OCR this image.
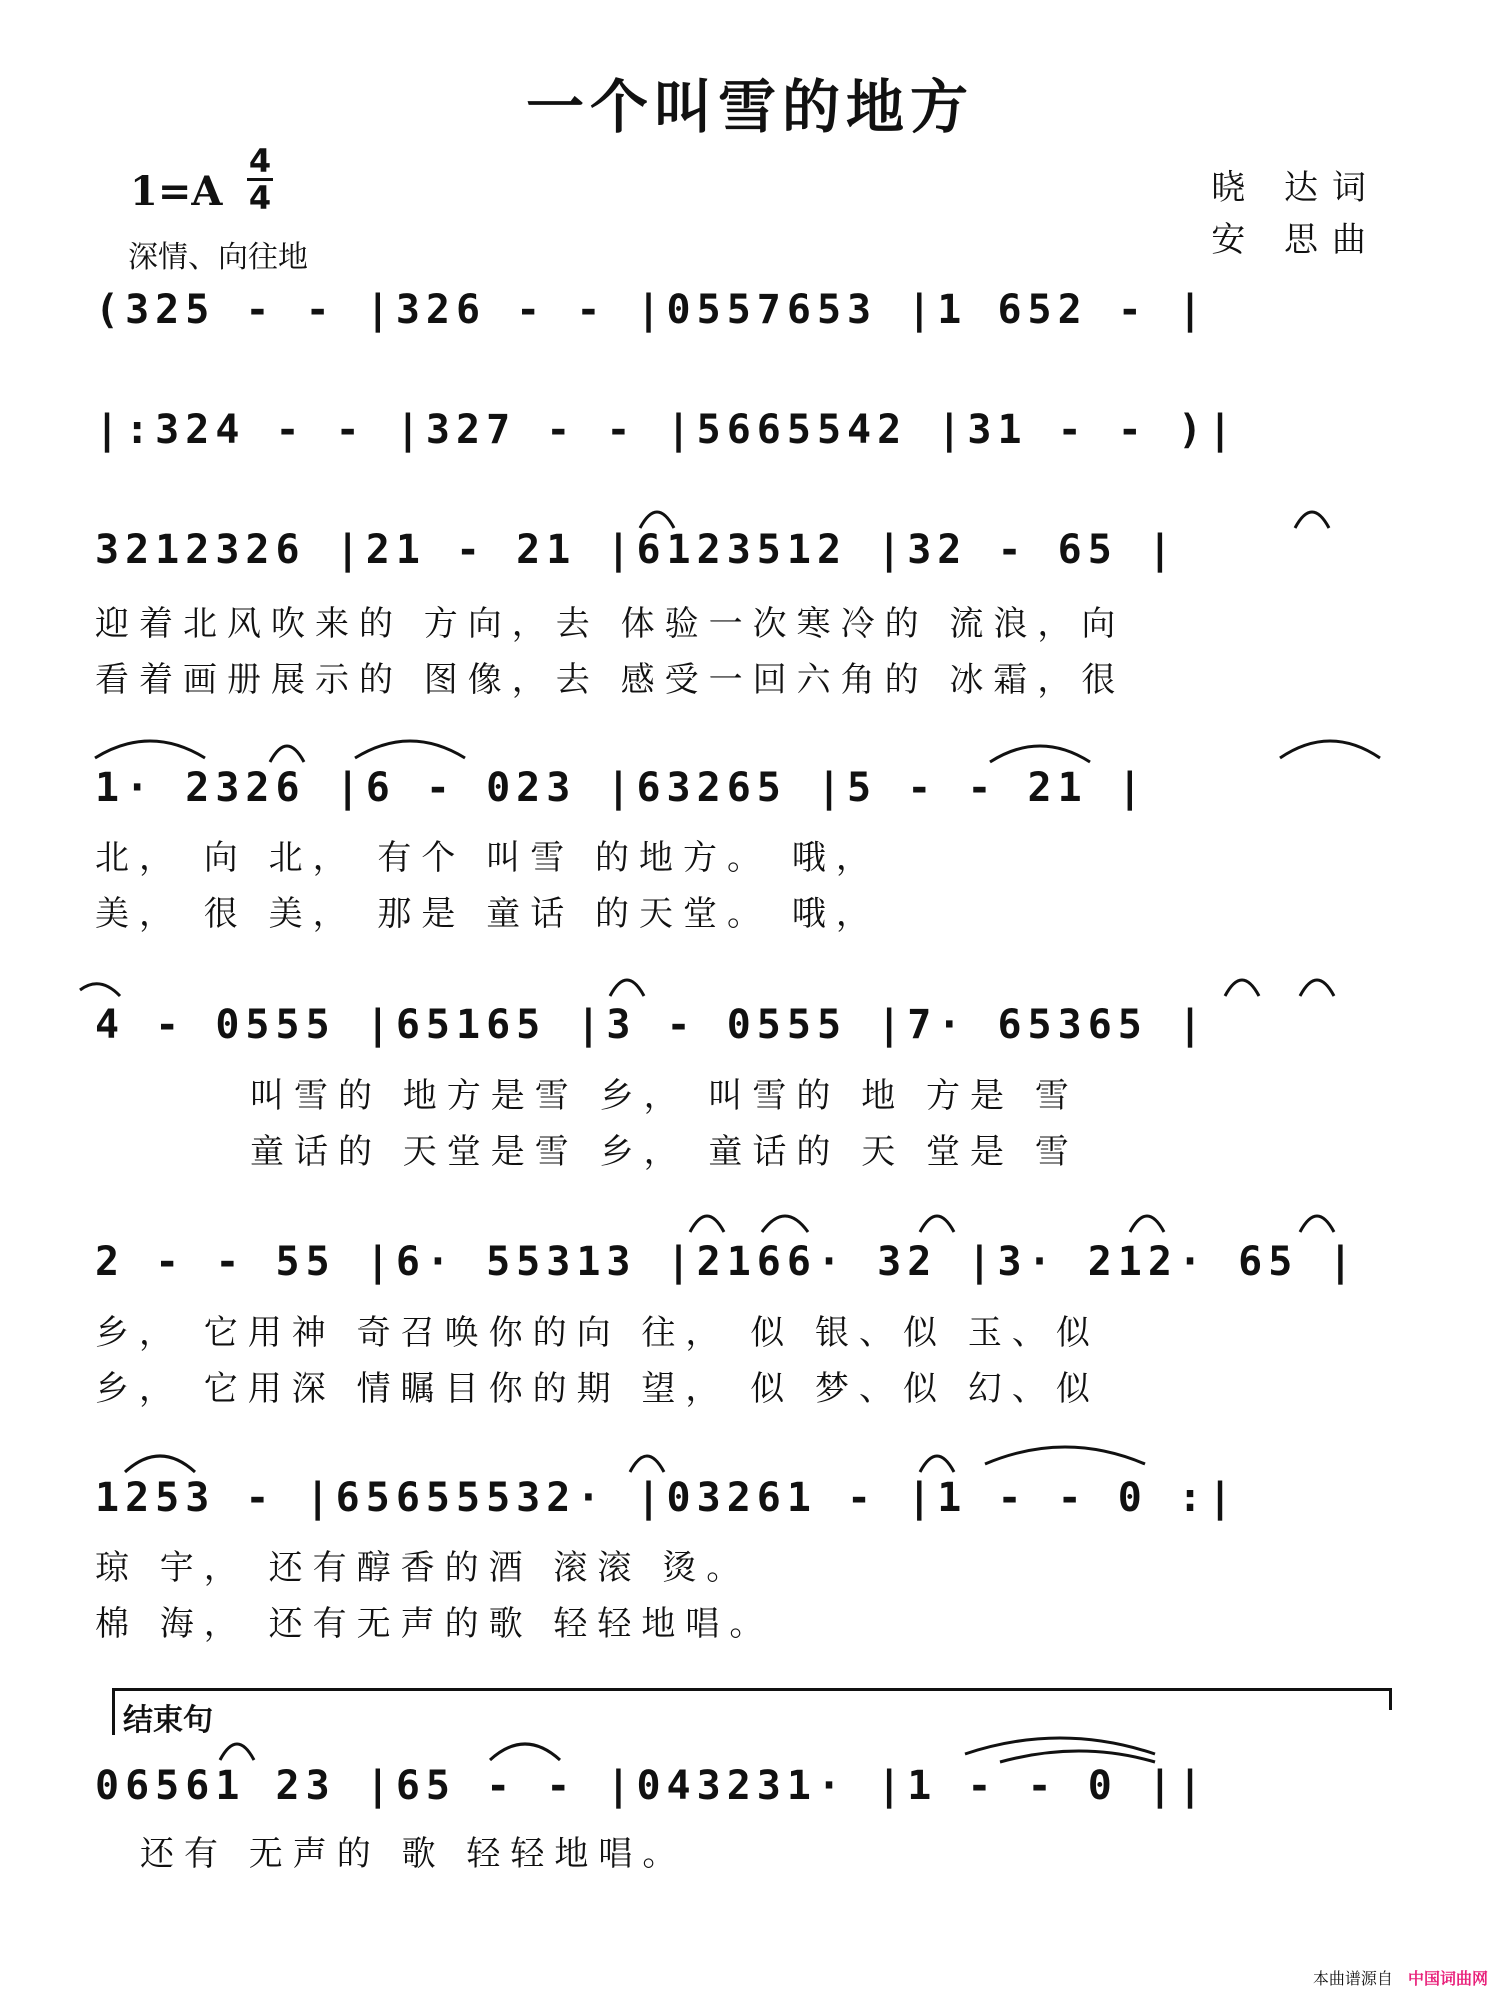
一个叫雪的地方
1=A
4
4
深情、向往地
晓 达词
安 思曲
(325 - - |326 - - |0557653 |1 652 - |
|:324 - - |327 - - |5665542 |31 - - )|
3212326 |21 - 21 |6123512 |32 - 65 |
迎着北风吹来的 方向，去 体验一次寒冷的 流浪，向
看着画册展示的 图像，去 感受一回六角的 冰霜，很
1· 2326 |6 - 023 |63265 |5 - - 21 |
北， 向 北， 有个 叫雪 的地方。 哦，
美， 很 美， 那是 童话 的天堂。 哦，
4 - 0555 |65165 |3 - 0555 |7· 65365 |
叫雪的 地方是雪 乡， 叫雪的 地 方是 雪
童话的 天堂是雪 乡， 童话的 天 堂是 雪
2 - - 55 |6· 55313 |2166· 32 |3· 212· 65 |
乡， 它用神 奇召唤你的向 往， 似 银、似 玉、似
乡， 它用深 情瞩目你的期 望， 似 梦、似 幻、似
1253 - |65655532· |03261 - |1 - - 0 :|
琼 宇， 还有醇香的酒 滚滚 烫。
棉 海， 还有无声的歌 轻轻地唱。
结束句
06561 23 |65 - - |043231· |1 - - 0 ||
还有 无声的 歌 轻轻地唱。
本曲谱源自 中国词曲网
